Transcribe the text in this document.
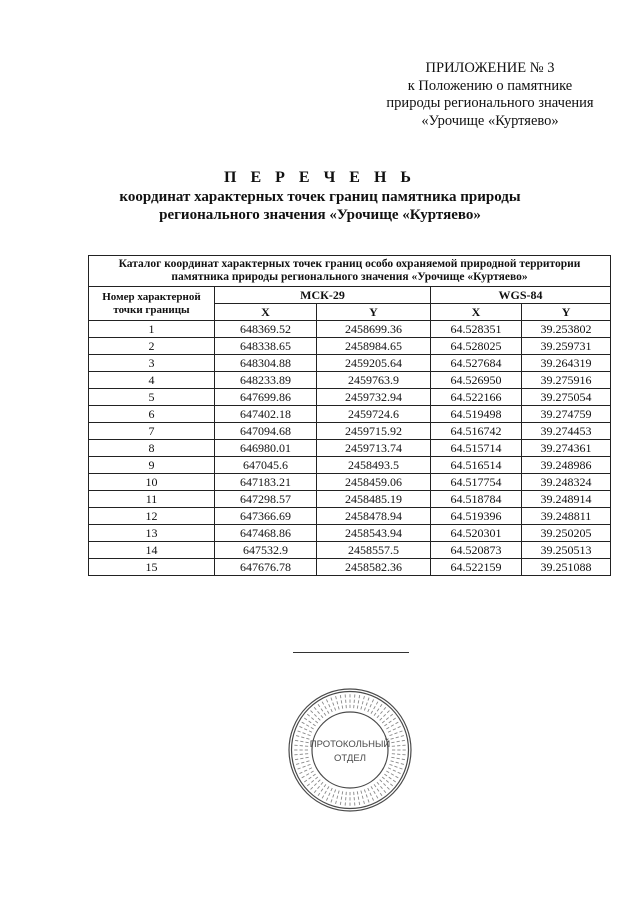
ПРИЛОЖЕНИЕ № 3
к Положению о памятнике
природы регионального значения
«Урочище «Куртяево»
П Е Р Е Ч Е Н Ь
координат характерных точек границ памятника природы
регионального значения «Урочище «Куртяево»
Каталог координат характерных точек границ особо охраняемой природной территории памятника природы регионального значения «Урочище «Куртяево»				
Номер характерной точки границы	МСК-29		WGS-84	
	X	Y	X	Y
1	648369.52	2458699.36	64.528351	39.253802
2	648338.65	2458984.65	64.528025	39.259731
3	648304.88	2459205.64	64.527684	39.264319
4	648233.89	2459763.9	64.526950	39.275916
5	647699.86	2459732.94	64.522166	39.275054
6	647402.18	2459724.6	64.519498	39.274759
7	647094.68	2459715.92	64.516742	39.274453
8	646980.01	2459713.74	64.515714	39.274361
9	647045.6	2458493.5	64.516514	39.248986
10	647183.21	2458459.06	64.517754	39.248324
11	647298.57	2458485.19	64.518784	39.248914
12	647366.69	2458478.94	64.519396	39.248811
13	647468.86	2458543.94	64.520301	39.250205
14	647532.9	2458557.5	64.520873	39.250513
15	647676.78	2458582.36	64.522159	39.251088
ПРОТОКОЛЬНЫЙ
ОТДЕЛ
